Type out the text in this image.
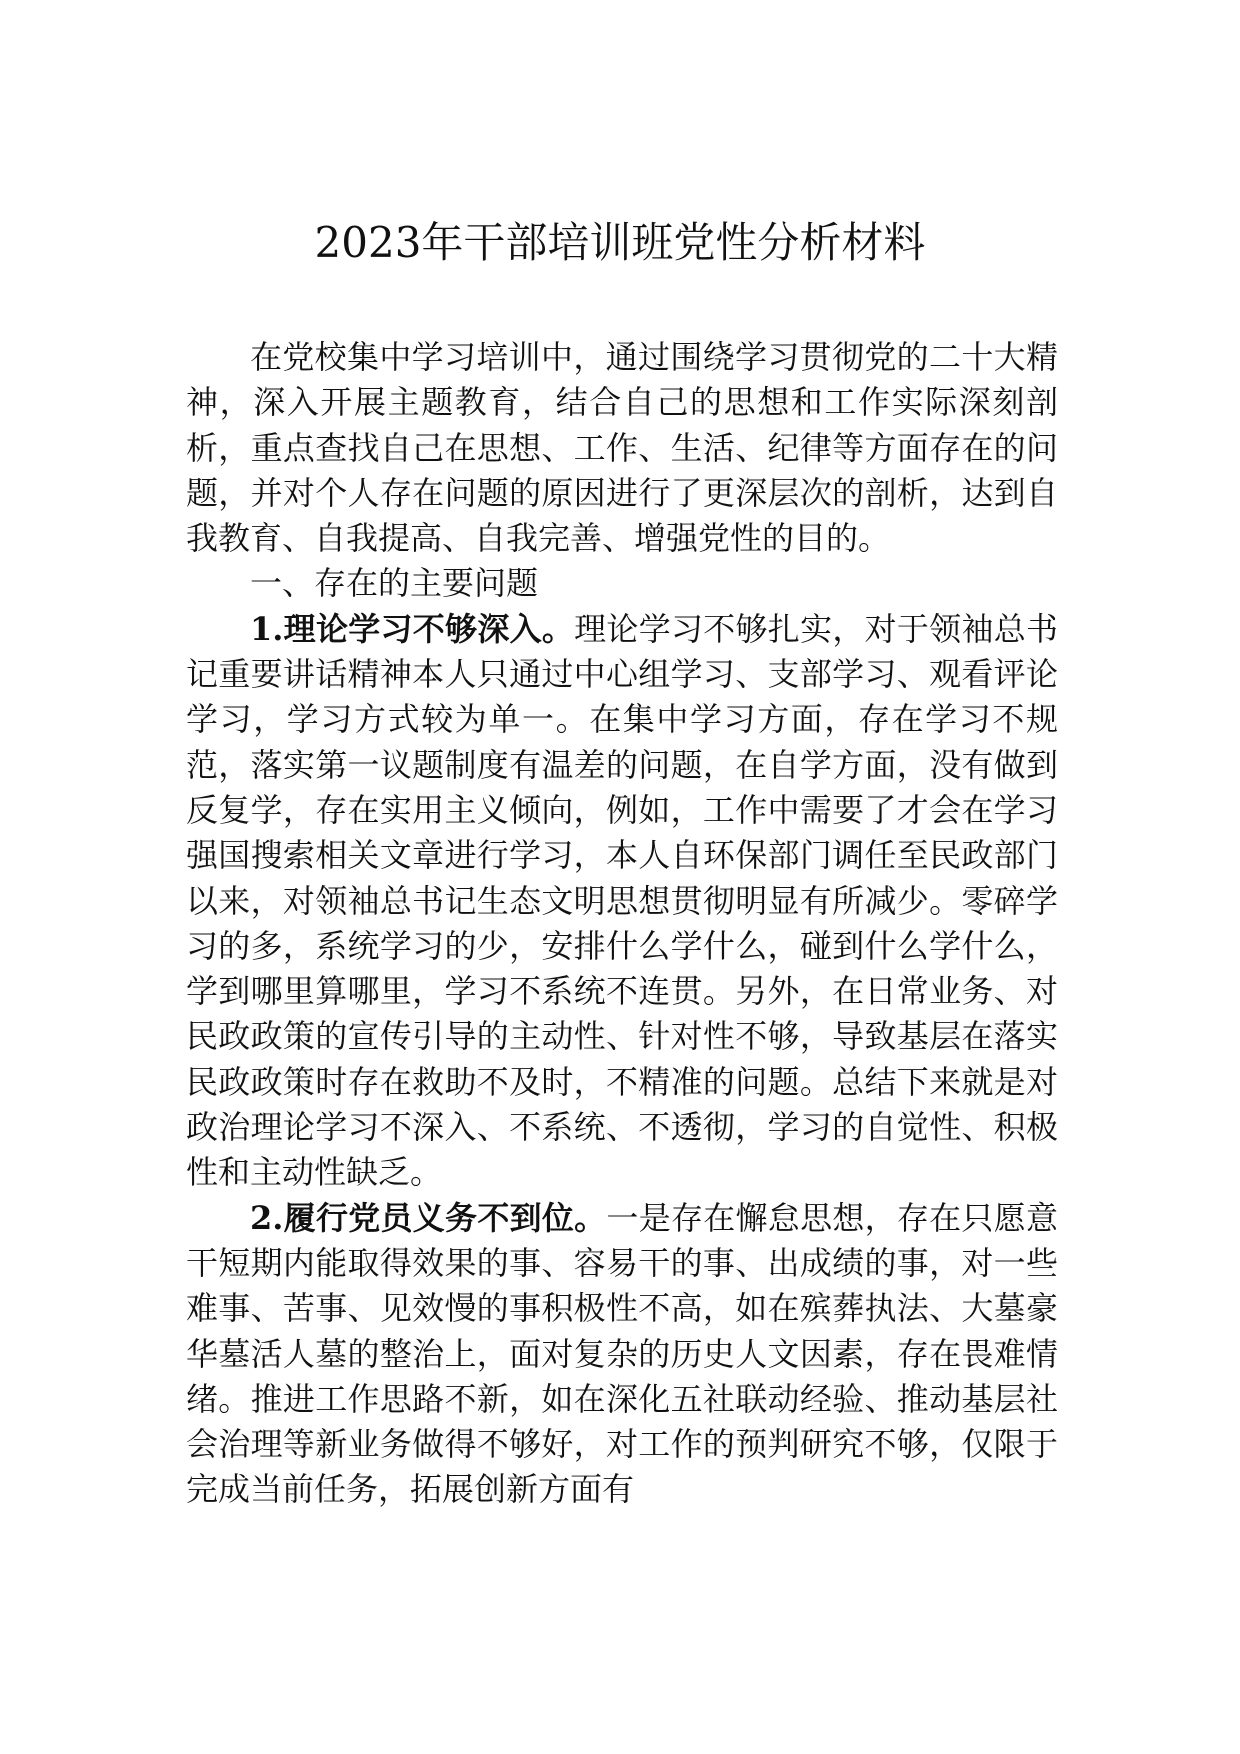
2023年干部培训班党性分析材料

在党校集中学习培训中，通过围绕学习贯彻党的二十大精神，深入开展主题教育，结合自己的思想和工作实际深刻剖析，重点查找自己在思想、工作、生活、纪律等方面存在的问题，并对个人存在问题的原因进行了更深层次的剖析，达到自我教育、自我提高、自我完善、增强党性的目的。

一、存在的主要问题

1.理论学习不够深入。理论学习不够扎实，对于领袖总书记重要讲话精神本人只通过中心组学习、支部学习、观看评论学习，学习方式较为单一。在集中学习方面，存在学习不规范，落实第一议题制度有温差的问题，在自学方面，没有做到反复学，存在实用主义倾向，例如，工作中需要了才会在学习强国搜索相关文章进行学习，本人自环保部门调任至民政部门以来，对领袖总书记生态文明思想贯彻明显有所减少。零碎学习的多，系统学习的少，安排什么学什么，碰到什么学什么，学到哪里算哪里，学习不系统不连贯。另外，在日常业务、对民政政策的宣传引导的主动性、针对性不够，导致基层在落实民政政策时存在救助不及时，不精准的问题。总结下来就是对政治理论学习不深入、不系统、不透彻，学习的自觉性、积极性和主动性缺乏。

2.履行党员义务不到位。一是存在懈怠思想，存在只愿意干短期内能取得效果的事、容易干的事、出成绩的事，对一些难事、苦事、见效慢的事积极性不高，如在殡葬执法、大墓豪华墓活人墓的整治上，面对复杂的历史人文因素，存在畏难情绪。推进工作思路不新，如在深化五社联动经验、推动基层社会治理等新业务做得不够好，对工作的预判研究不够，仅限于完成当前任务，拓展创新方面有
